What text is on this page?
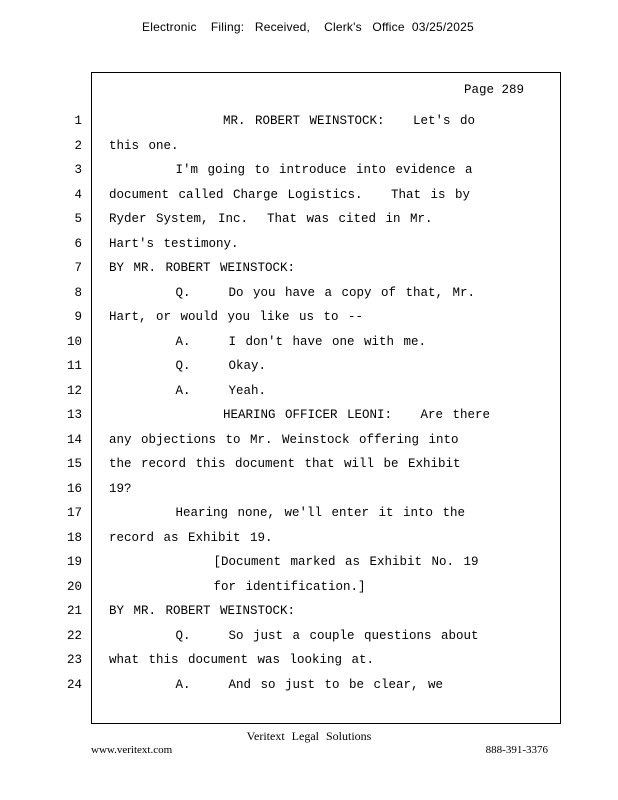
Electronic    Filing:   Received,    Clerk's   Office  03/25/2025
Page 289
1 MR. ROBERT WEINSTOCK:   Let's do
2 this one.
3 I'm going to introduce into evidence a
4 document called Charge Logistics.   That is by
5 Ryder System, Inc.  That was cited in Mr.
6 Hart's testimony.
7 BY MR. ROBERT WEINSTOCK:
8 Q.    Do you have a copy of that, Mr.
9 Hart, or would you like us to --
10 A.    I don't have one with me.
11 Q.    Okay.
12 A.    Yeah.
13 HEARING OFFICER LEONI:   Are there
14 any objections to Mr. Weinstock offering into
15 the record this document that will be Exhibit
16 19?
17 Hearing none, we'll enter it into the
18 record as Exhibit 19.
19 [Document marked as Exhibit No. 19
20 for identification.]
21 BY MR. ROBERT WEINSTOCK:
22 Q.    So just a couple questions about
23 what this document was looking at.
24 A.    And so just to be clear, we
Veritext Legal Solutions
www.veritext.com	888-391-3376
